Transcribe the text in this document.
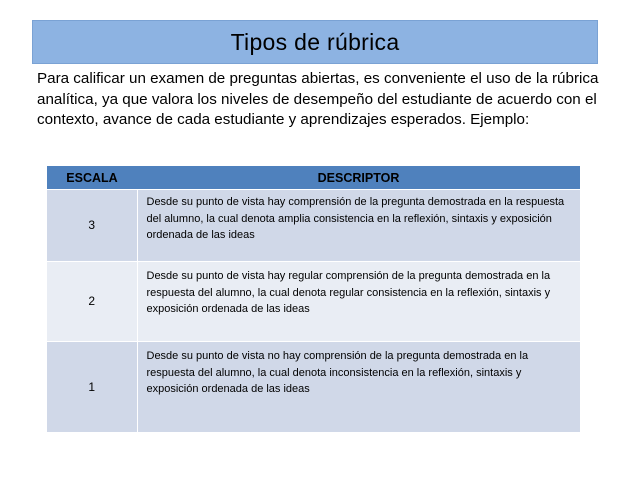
Tipos de rúbrica

Para calificar un examen de preguntas abiertas, es conveniente el uso de la rúbrica analítica, ya que valora los niveles de desempeño del estudiante de acuerdo con el contexto, avance de cada estudiante y aprendizajes esperados. Ejemplo:

ESCALA	DESCRIPTOR
3	Desde su punto de vista hay comprensión de la pregunta demostrada en la respuesta del alumno, la cual denota amplia consistencia en la reflexión, sintaxis y exposición ordenada de las ideas
2	Desde su punto de vista hay regular comprensión de la pregunta demostrada en la respuesta del alumno, la cual denota regular consistencia en la reflexión, sintaxis y exposición ordenada de las ideas
1	Desde su punto de vista no hay comprensión de la pregunta demostrada en la respuesta del alumno, la cual denota inconsistencia en la reflexión, sintaxis y exposición ordenada de las ideas
